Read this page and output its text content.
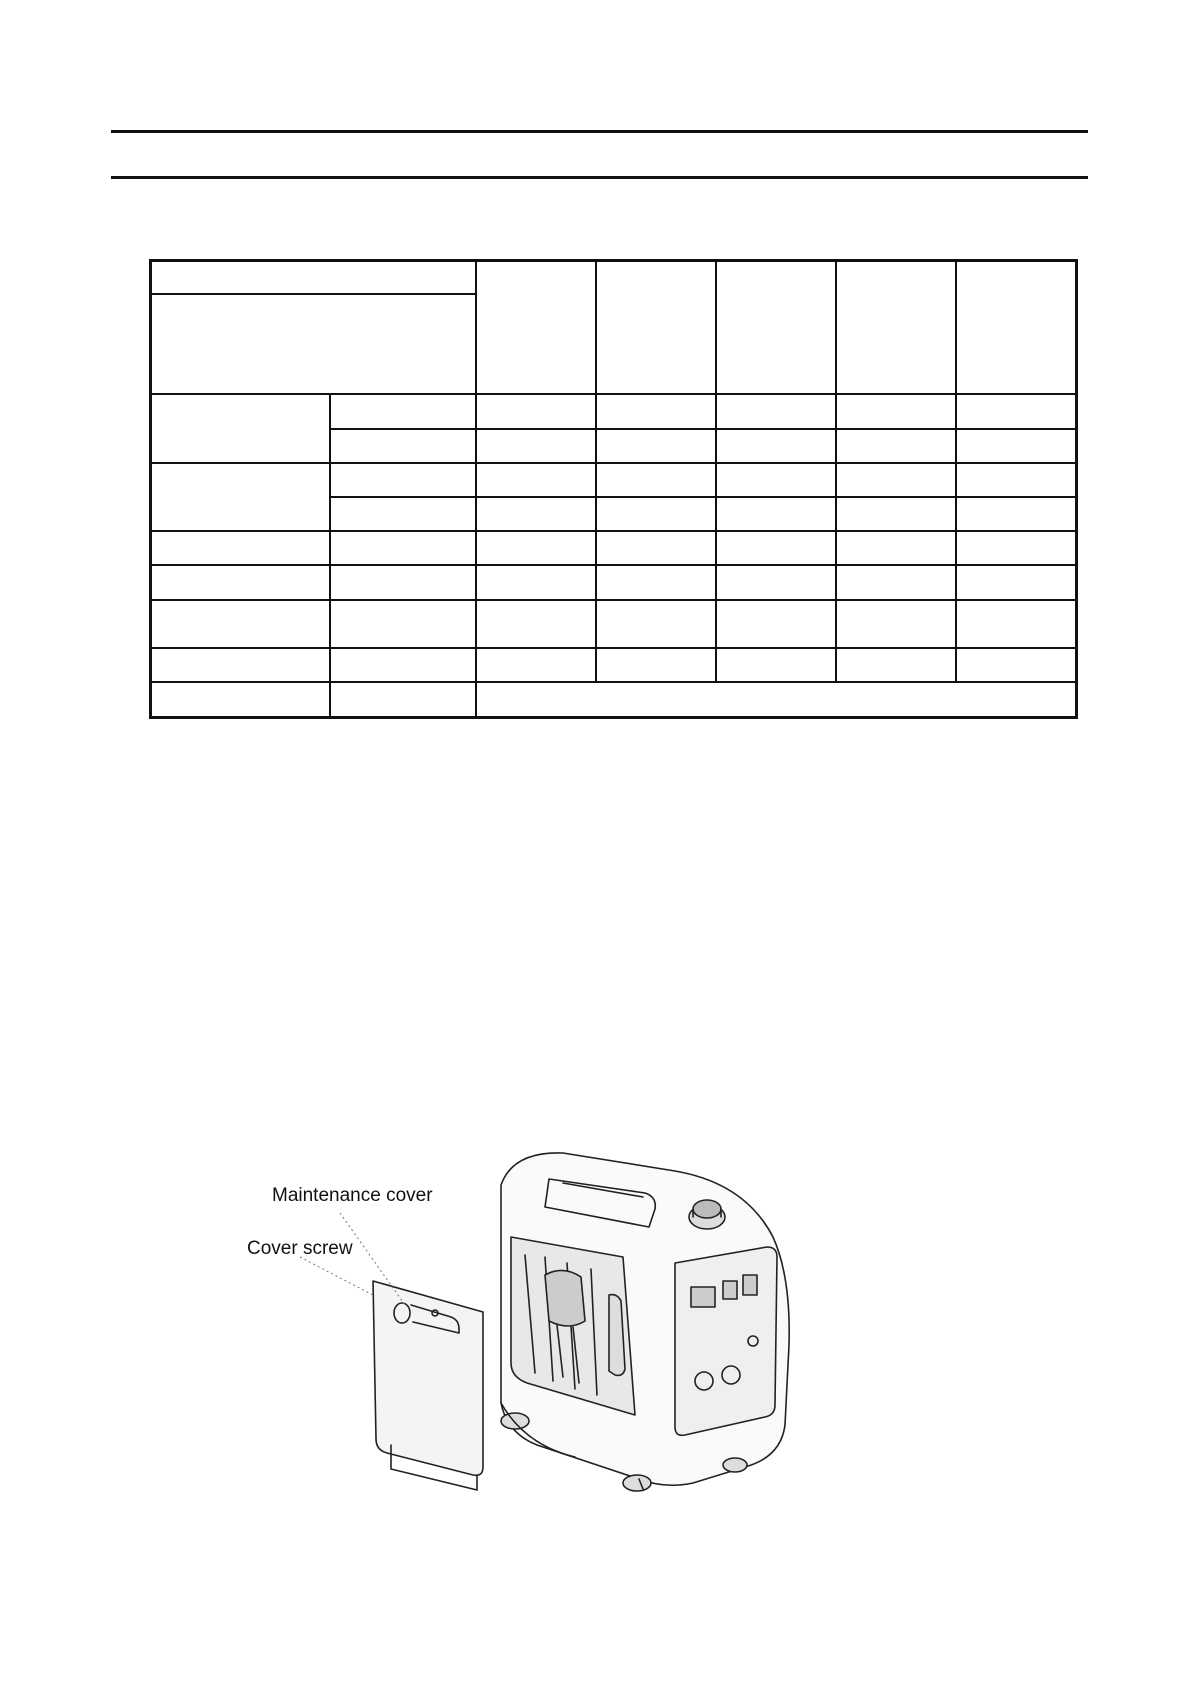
Maintenance cover
Cover screw
